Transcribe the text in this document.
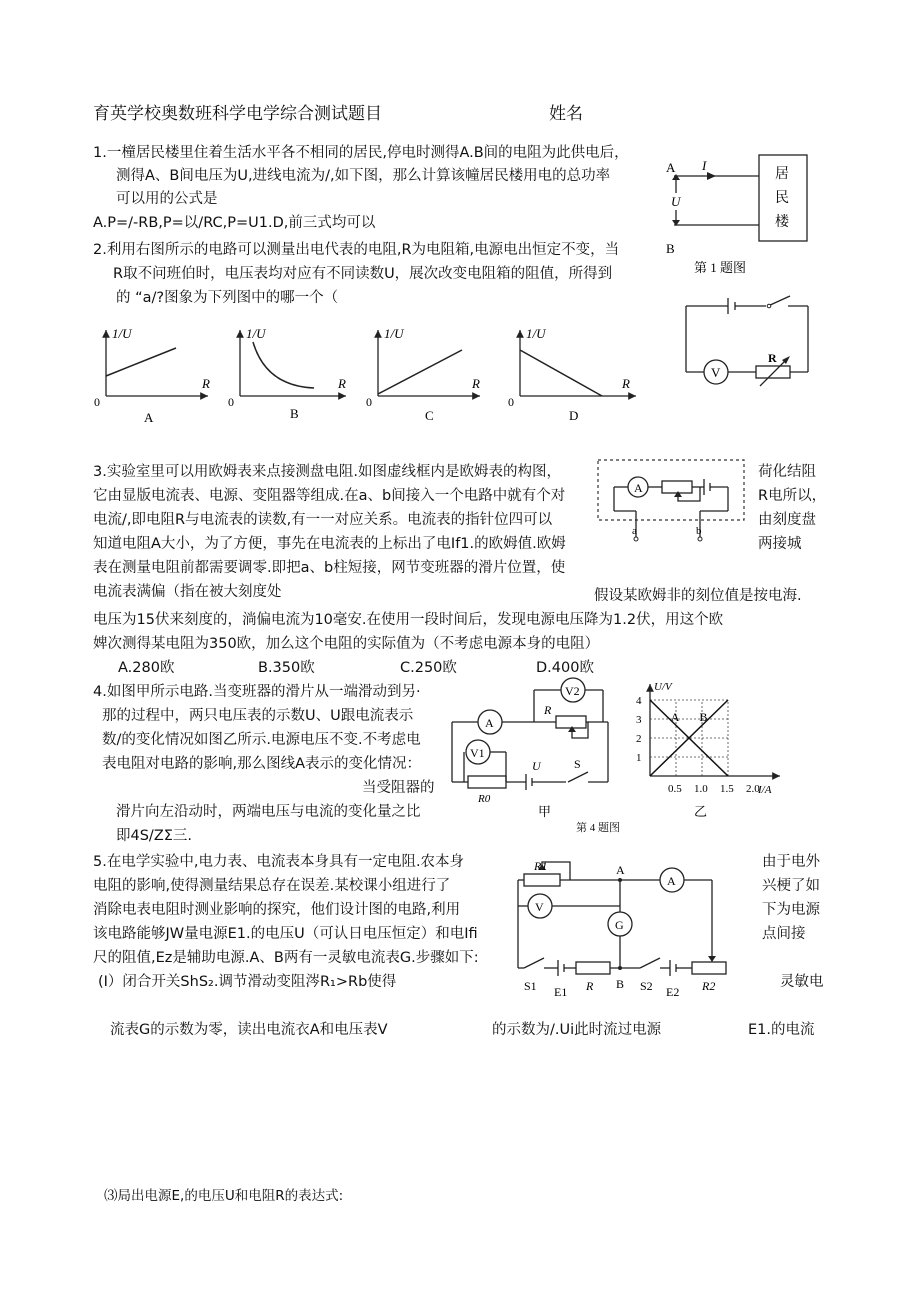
育英学校奥数班科学电学综合测试题目	姓名
1.一橦居民楼里住着生活水平各不相同的居民,停电时测得A.B间的电阻为此供电后，
测得A、B间电压为U,进线电流为/,如下图，那么计算该幢居民楼用电的总功率
可以用的公式是
A.P=/-RB,P=以/RC,P=U1.D,前三式均可以
A I
U
B
居
民
楼
第 1 题图
2.利用右图所示的电路可以测量出电代表的电阻,R为电阻箱,电源电出恒定不变，当
R取不问班伯时，电压表均对应有不同读数U，展次改变电阻箱的阻值，所得到
的 “a/?图象为下列图中的哪一个（
V
R
1/U
R
0
A
1/U
R
0
B
1/U
R
0
C
1/U
R
0
D
3.实验室里可以用欧姆表来点接测盘电阻.如图虚线框内是欧姆表的构图，
它由显版电流表、电源、变阻器等组成.在a、b间接入一个电路中就有个对
电流/,即电阻R与电流表的读数,有一一对应关系。电流表的指针位四可以
知道电阻A大小，为了方便，事先在电流表的上标出了电If1.的欧姆值.欧姆
表在测量电阻前都需要调零.即把a、b柱短接，网节变班器的滑片位置，使
电流表满偏（指在被大刻度处
荷化结阻
R电所以，
由刻度盘
两接城
假设某欧姆非的刻位值是按电海.
电压为15伏来刻度的，淌偏电流为10毫安.在使用一段时间后，发现电源电压降为1.2伏，用这个欧
婢次测得某电阻为350欧，加么这个电阻的实际值为（不考虑电源本身的电阻）
A.280欧	B.350欧	C.250欧	D.400欧
A
a	b
4.如图甲所示电路.当变班器的滑片从一端滑动到另·
那的过程中，两只电压表的示数U、U跟电流表示
数/的变化情况如图乙所示.电源电压不变.不考虑电
表电阻对电路的影响,那么图线A表示的变化情况：
当受阻器的
滑片向左沿动时，两端电压与电流的变化量之比
即4S∕ZΣ三.
V2
A
R
V1
U	S
R0
甲
4
3
2
1
0.5 1.0 1.5 2.0
A B
U/V
I/A
乙
第 4 题图
5.在电学实验中,电力表、电流表本身具有一定电阻.农本身
电阻的影响,使得测量结果总存在误差.某校课小组进行了
消除电表电阻时测业影响的探究，他们设计图的电路,利用
该电路能够JW量电源E1.的电压U（可认日电压恒定）和电Ifi
尺的阻值,Ez是辅助电源.A、B两有一灵敏电流表G.步骤如下:
由于电外
兴梗了如
下为电源
点间接
(I）闭合开关ShS₂.调节滑动变阻涔R₁>Rb使得	灵敏电
流表G的示数为零，读出电流衣A和电压表V	的示数为/.Ui此时流过电源	E1.的电流
⑶局出电源E,的电压U和电阻R的表达式:
R1	A
A
V
G
S1 E1 R B S2 E2 R2
